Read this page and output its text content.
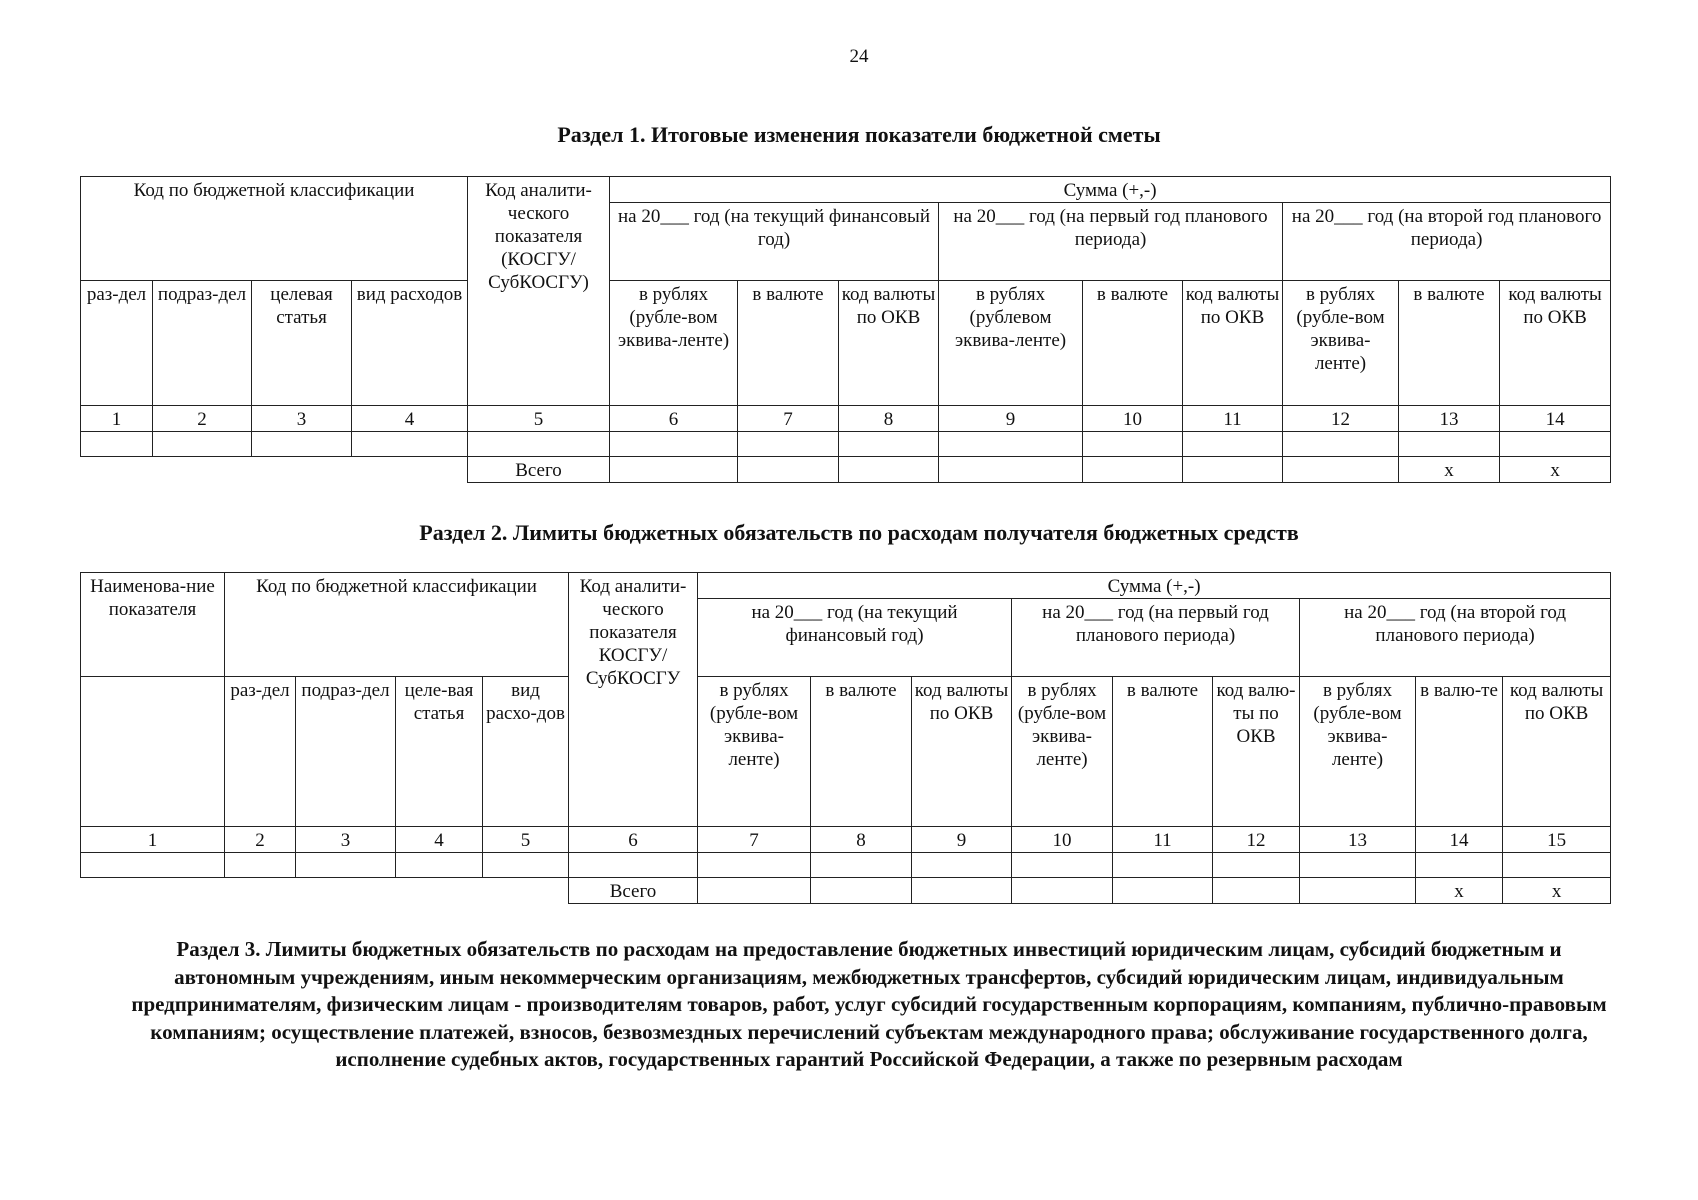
24
Раздел 1. Итоговые изменения показатели бюджетной сметы
Код по бюджетной классификации				Код аналити-ческого показателя (КОСГУ/ СубКОСГУ)	Сумма (+,-)								
					на 20___ год (на текущий финансовый год)			на 20___ год (на первый год планового периода)			на 20___ год (на второй год планового периода)		
раз-дел	подраз-дел	целевая статья	вид расходов		в рублях (рубле-вом эквива-ленте)	в валюте	код валюты по ОКВ	в рублях (рублевом эквива-ленте)	в валюте	код валюты по ОКВ	в рублях (рубле-вом эквива-ленте)	в валюте	код валюты по ОКВ
1	2	3	4	5	6	7	8	9	10	11	12	13	14

				Всего								х	х
Раздел 2. Лимиты бюджетных обязательств по расходам получателя бюджетных средств
Наименова-ние показателя	Код по бюджетной классификации				Код аналити-ческого показателя КОСГУ/ СубКОСГУ	Сумма (+,-)								
						на 20___ год (на текущий финансовый год)			на 20___ год (на первый год планового периода)			на 20___ год (на второй год планового периода)		
	раз-дел	подраз-дел	целе-вая статья	вид расхо-дов		в рублях (рубле-вом эквива-ленте)	в валюте	код валюты по ОКВ	в рублях (рубле-вом эквива-ленте)	в валюте	код валю-ты по ОКВ	в рублях (рубле-вом эквива-ленте)	в валю-те	код валюты по ОКВ
1	2	3	4	5	6	7	8	9	10	11	12	13	14	15

					Всего								х	х
Раздел 3. Лимиты бюджетных обязательств по расходам на предоставление бюджетных инвестиций юридическим лицам, субсидий бюджетным и автономным учреждениям, иным некоммерческим организациям, межбюджетных трансфертов, субсидий юридическим лицам, индивидуальным предпринимателям, физическим лицам - производителям товаров, работ, услуг субсидий государственным корпорациям, компаниям, публично-правовым компаниям; осуществление платежей, взносов, безвозмездных перечислений субъектам международного права; обслуживание государственного долга, исполнение судебных актов, государственных гарантий Российской Федерации, а также по резервным расходам
